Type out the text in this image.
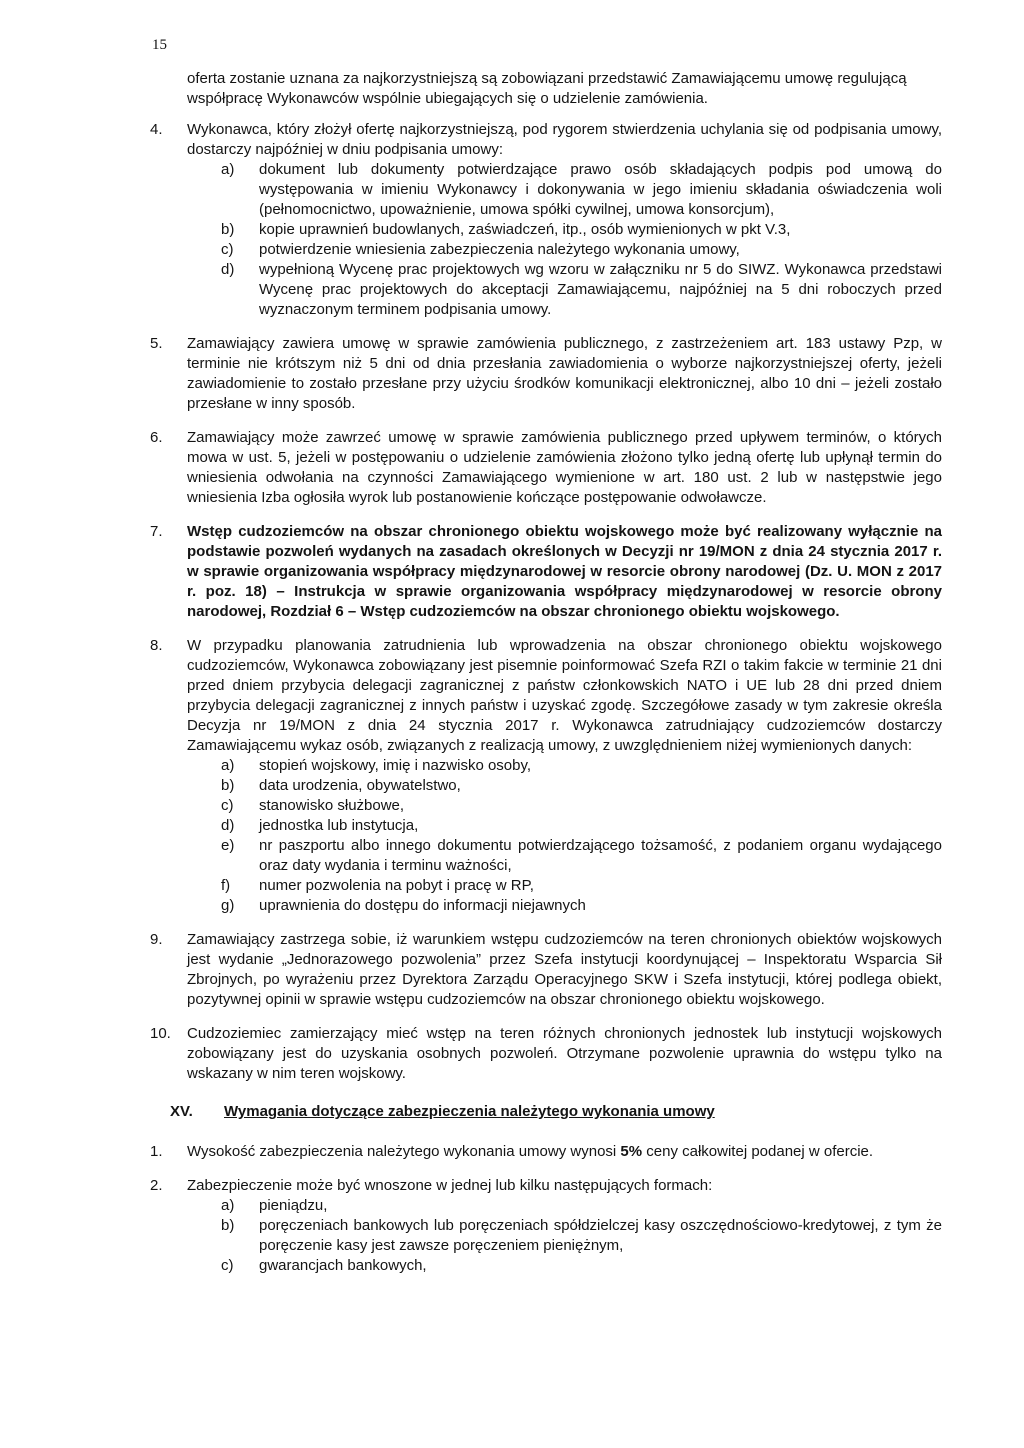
15

oferta zostanie uznana za najkorzystniejszą są zobowiązani przedstawić Zamawiającemu umowę regulującą współpracę Wykonawców wspólnie ubiegających się o udzielenie zamówienia.

4.	Wykonawca, który złożył ofertę najkorzystniejszą, pod rygorem stwierdzenia uchylania się od podpisania umowy, dostarczy najpóźniej w dniu podpisania umowy:

a)	dokument lub dokumenty potwierdzające prawo osób składających podpis pod umową do występowania w imieniu Wykonawcy i dokonywania w jego imieniu składania oświadczenia woli (pełnomocnictwo, upoważnienie, umowa spółki cywilnej, umowa konsorcjum),
b)	kopie uprawnień budowlanych, zaświadczeń, itp., osób wymienionych w pkt V.3,
c)	potwierdzenie wniesienia zabezpieczenia należytego wykonania umowy,
d)	wypełnioną Wycenę prac projektowych wg wzoru w załączniku nr 5 do SIWZ. Wykonawca przedstawi Wycenę prac projektowych do akceptacji Zamawiającemu, najpóźniej na 5 dni roboczych przed wyznaczonym terminem podpisania umowy.
5.	Zamawiający zawiera umowę w sprawie zamówienia publicznego, z zastrzeżeniem art. 183 ustawy Pzp, w terminie nie krótszym niż 5 dni od dnia przesłania zawiadomienia o wyborze najkorzystniejszej oferty, jeżeli zawiadomienie to zostało przesłane przy użyciu środków komunikacji elektronicznej, albo 10 dni – jeżeli zostało przesłane w inny sposób.

6.	Zamawiający może zawrzeć umowę w sprawie zamówienia publicznego przed upływem terminów, o których mowa w ust. 5, jeżeli w postępowaniu o udzielenie zamówienia złożono tylko jedną ofertę lub upłynął termin do wniesienia odwołania na czynności Zamawiającego wymienione w art. 180 ust. 2 lub w następstwie jego wniesienia Izba ogłosiła wyrok lub postanowienie kończące postępowanie odwoławcze.

7.	Wstęp cudzoziemców na obszar chronionego obiektu wojskowego może być realizowany wyłącznie na podstawie pozwoleń wydanych na zasadach określonych w Decyzji nr 19/MON z dnia 24 stycznia 2017 r. w sprawie organizowania współpracy międzynarodowej w resorcie obrony narodowej (Dz. U. MON z 2017 r. poz. 18) – Instrukcja w sprawie organizowania współpracy międzynarodowej w resorcie obrony narodowej, Rozdział 6 – Wstęp cudzoziemców na obszar chronionego obiektu wojskowego.

8.	W przypadku planowania zatrudnienia lub wprowadzenia na obszar chronionego obiektu wojskowego cudzoziemców, Wykonawca zobowiązany jest pisemnie poinformować Szefa RZI o takim fakcie w terminie 21 dni przed dniem przybycia delegacji zagranicznej z państw członkowskich NATO i UE lub 28 dni przed dniem przybycia delegacji zagranicznej z innych państw i uzyskać zgodę. Szczegółowe zasady w tym zakresie określa Decyzja nr 19/MON z dnia 24 stycznia 2017 r. Wykonawca zatrudniający cudzoziemców dostarczy Zamawiającemu wykaz osób, związanych z realizacją umowy, z uwzględnieniem niżej wymienionych danych:

a)	stopień wojskowy, imię i nazwisko osoby,
b)	data urodzenia, obywatelstwo,
c)	stanowisko służbowe,
d)	jednostka lub instytucja,
e)	nr paszportu albo innego dokumentu potwierdzającego tożsamość, z podaniem organu wydającego oraz daty wydania i terminu ważności,
f)	numer pozwolenia na pobyt i pracę w RP,
g)	uprawnienia do dostępu do informacji niejawnych
9.	Zamawiający zastrzega sobie, iż warunkiem wstępu cudzoziemców na teren chronionych obiektów wojskowych jest wydanie „Jednorazowego pozwolenia” przez Szefa instytucji koordynującej – Inspektoratu Wsparcia Sił Zbrojnych, po wyrażeniu przez Dyrektora Zarządu Operacyjnego SKW i Szefa instytucji, której podlega obiekt, pozytywnej opinii w sprawie wstępu cudzoziemców na obszar chronionego obiektu wojskowego.

10.	Cudzoziemiec zamierzający mieć wstęp na teren różnych chronionych jednostek lub instytucji wojskowych zobowiązany jest do uzyskania osobnych pozwoleń. Otrzymane pozwolenie uprawnia do wstępu tylko na wskazany w nim teren wojskowy.

XV.	Wymagania dotyczące zabezpieczenia należytego wykonania umowy
1.	Wysokość zabezpieczenia należytego wykonania umowy wynosi 5% ceny całkowitej podanej w ofercie.

2.	Zabezpieczenie może być wnoszone w jednej lub kilku następujących formach:

a)	pieniądzu,
b)	poręczeniach bankowych lub poręczeniach spółdzielczej kasy oszczędnościowo-kredytowej, z tym że poręczenie kasy jest zawsze poręczeniem pieniężnym,
c)	gwarancjach bankowych,
